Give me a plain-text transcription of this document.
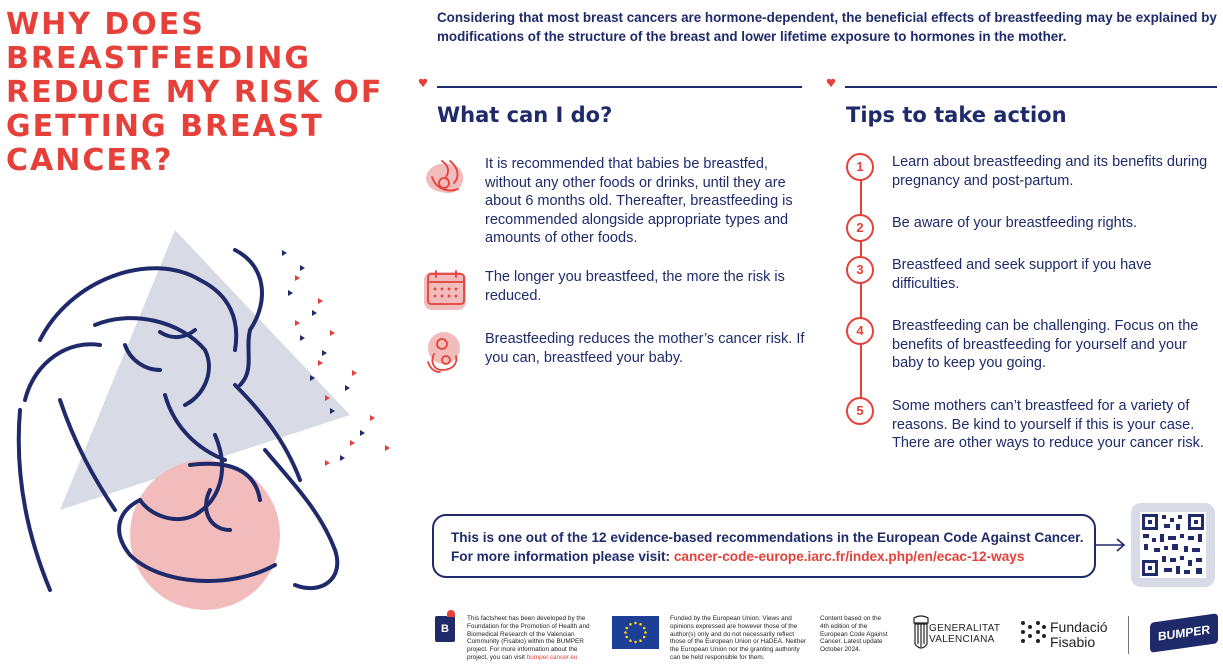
WHY DOES BREASTFEEDING REDUCE MY RISK OF GETTING BREAST CANCER?
Considering that most breast cancers are hormone-dependent, the beneficial effects of breastfeeding may be explained by modifications of the structure of the breast and lower lifetime exposure to hormones in the mother.
What can I do?
It is recommended that babies be breastfed, without any other foods or drinks, until they are about 6 months old. Thereafter, breastfeeding is recommended alongside appropriate types and amounts of other foods.
The longer you breastfeed, the more the risk is reduced.
Breastfeeding reduces the mother’s cancer risk. If you can, breastfeed your baby.
Tips to take action
1	Learn about breastfeeding and its benefits during pregnancy and post-partum.
2	Be aware of your breastfeeding rights.
3	Breastfeed and seek support if you have difficulties.
4	Breastfeeding can be challenging. Focus on the benefits of breastfeeding for yourself and your baby to keep you going.
5	Some mothers can’t breastfeed for a variety of reasons. Be kind to yourself if this is your case. There are other ways to reduce your cancer risk.
This is one out of the 12 evidence-based recommendations in the European Code Against Cancer.
For more information please visit: cancer-code-europe.iarc.fr/index.php/en/ecac-12-ways
B
This factsheet has been developed by the Foundation for the Promotion of Health and Biomedical Research of the Valencian Community (Fisabio) within the BUMPER project. For more information about the project, you can visit bumper.cancer.eu
Funded by the European Union. Views and opinions expressed are however those of the author(s) only and do not necessarily reflect those of the European Union or HaDEA. Neither the European Union nor the granting authority can be held responsible for them.
Content based on the 4th edition of the European Code Against Cancer. Latest update October 2024.
GENERALITAT
VALENCIANA
Fundació
Fisabio	BUMPER
